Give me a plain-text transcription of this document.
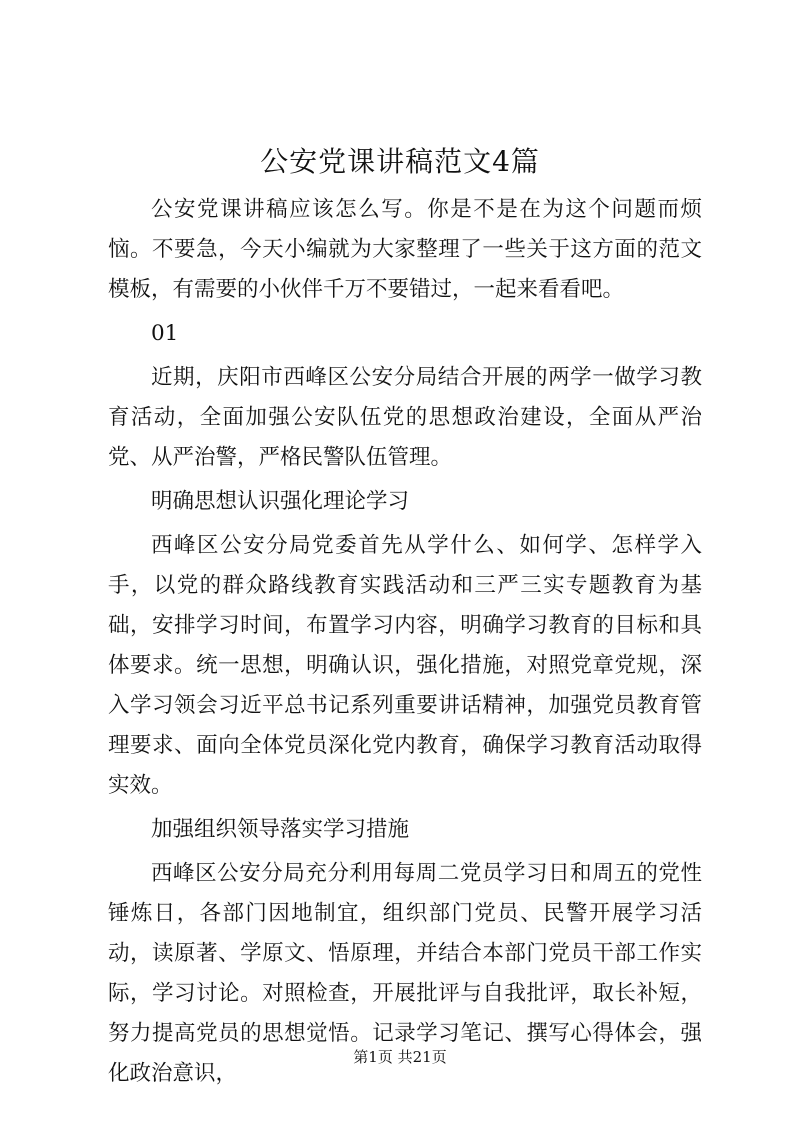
公安党课讲稿范文4篇

公安党课讲稿应该怎么写。你是不是在为这个问题而烦恼。不要急，今天小编就为大家整理了一些关于这方面的范文模板，有需要的小伙伴千万不要错过，一起来看看吧。

01

近期，庆阳市西峰区公安分局结合开展的两学一做学习教育活动，全面加强公安队伍党的思想政治建设，全面从严治党、从严治警，严格民警队伍管理。

明确思想认识强化理论学习

西峰区公安分局党委首先从学什么、如何学、怎样学入手，以党的群众路线教育实践活动和三严三实专题教育为基础，安排学习时间，布置学习内容，明确学习教育的目标和具体要求。统一思想，明确认识，强化措施，对照党章党规，深入学习领会习近平总书记系列重要讲话精神，加强党员教育管理要求、面向全体党员深化党内教育，确保学习教育活动取得实效。

加强组织领导落实学习措施

西峰区公安分局充分利用每周二党员学习日和周五的党性锤炼日，各部门因地制宜，组织部门党员、民警开展学习活动，读原著、学原文、悟原理，并结合本部门党员干部工作实际，学习讨论。对照检查，开展批评与自我批评，取长补短，努力提高党员的思想觉悟。记录学习笔记、撰写心得体会，强化政治意识，

第1页 共21页
